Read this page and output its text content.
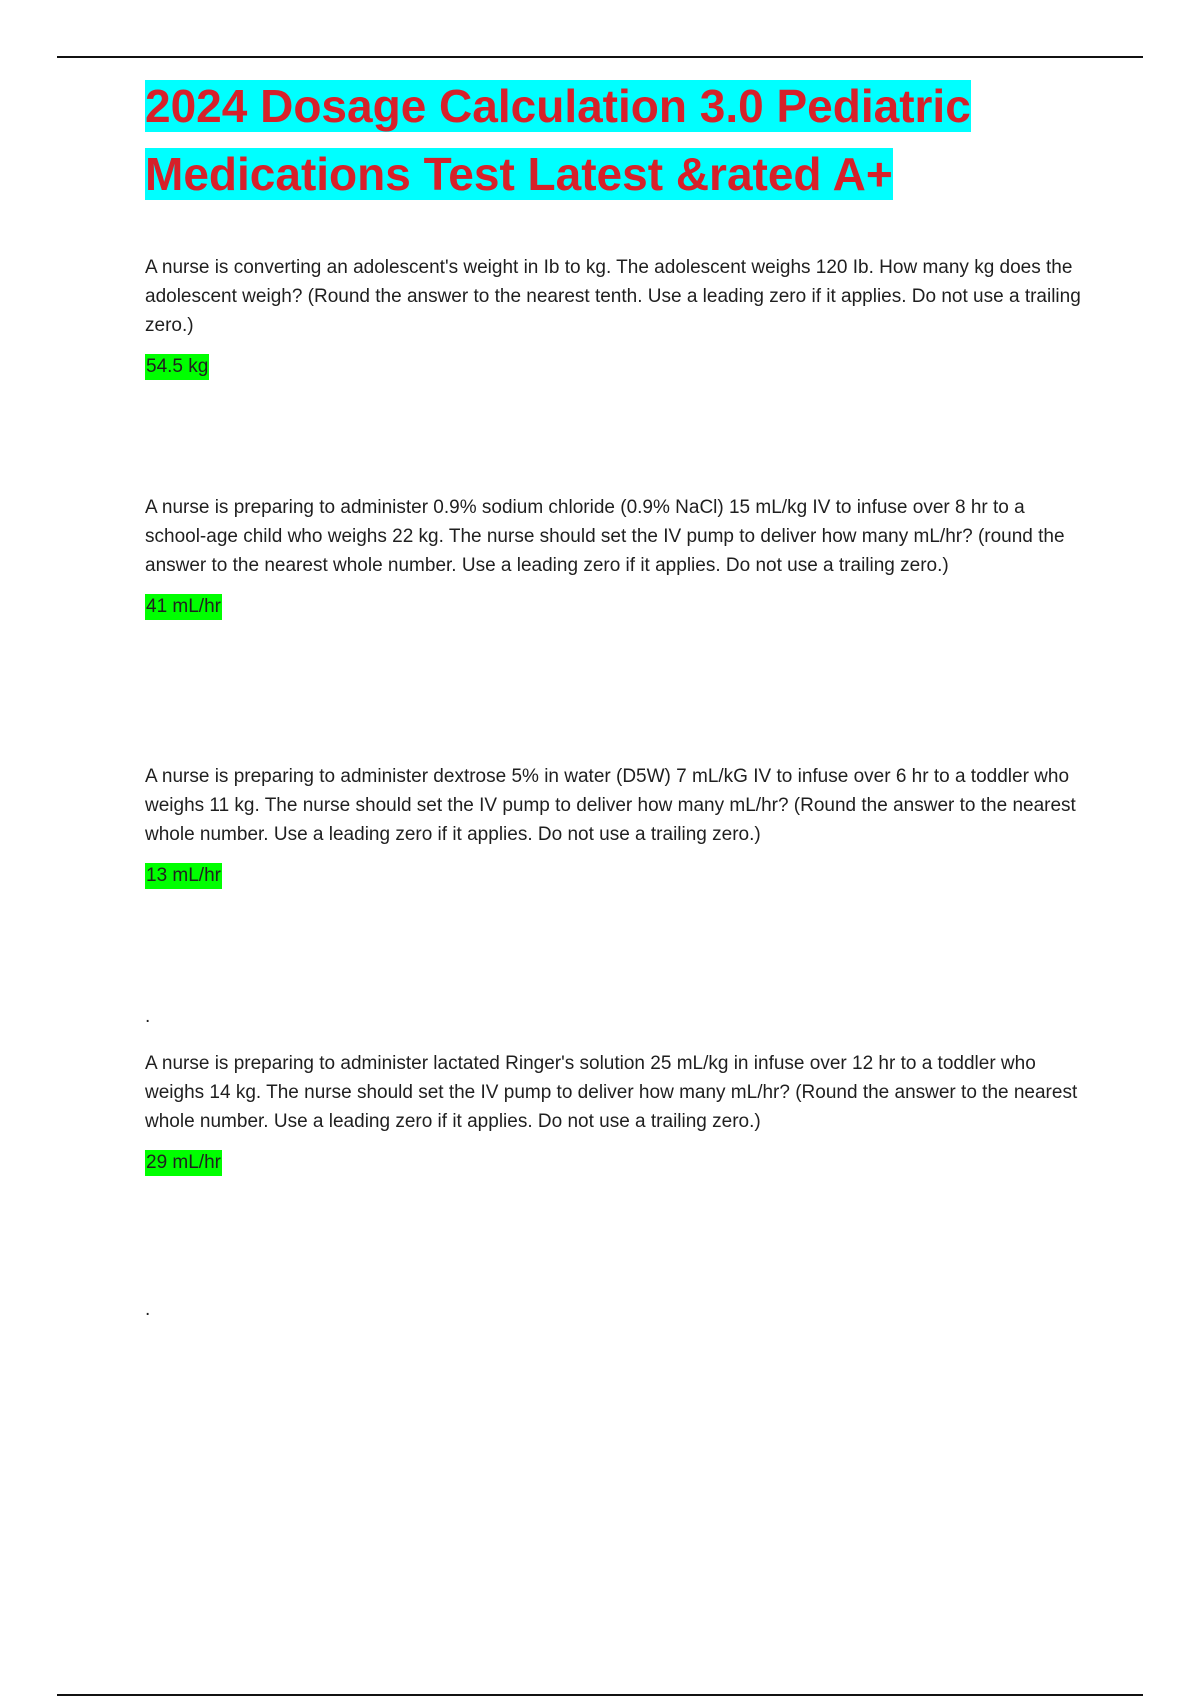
2024 Dosage Calculation 3.0 Pediatric Medications Test Latest &rated A+

A nurse is converting an adolescent's weight in Ib to kg. The adolescent weighs 120 Ib. How many kg does the adolescent weigh? (Round the answer to the nearest tenth. Use a leading zero if it applies. Do not use a trailing zero.)

54.5 kg

A nurse is preparing to administer 0.9% sodium chloride (0.9% NaCl) 15 mL/kg IV to infuse over 8 hr to a school-age child who weighs 22 kg. The nurse should set the IV pump to deliver how many mL/hr? (round the answer to the nearest whole number. Use a leading zero if it applies. Do not use a trailing zero.)

41 mL/hr

A nurse is preparing to administer dextrose 5% in water (D5W) 7 mL/kG IV to infuse over 6 hr to a toddler who weighs 11 kg. The nurse should set the IV pump to deliver how many mL/hr? (Round the answer to the nearest whole number. Use a leading zero if it applies. Do not use a trailing zero.)

13 mL/hr
.

A nurse is preparing to administer lactated Ringer's solution 25 mL/kg in infuse over 12 hr to a toddler who weighs 14 kg. The nurse should set the IV pump to deliver how many mL/hr? (Round the answer to the nearest whole number. Use a leading zero if it applies. Do not use a trailing zero.)

29 mL/hr
.
